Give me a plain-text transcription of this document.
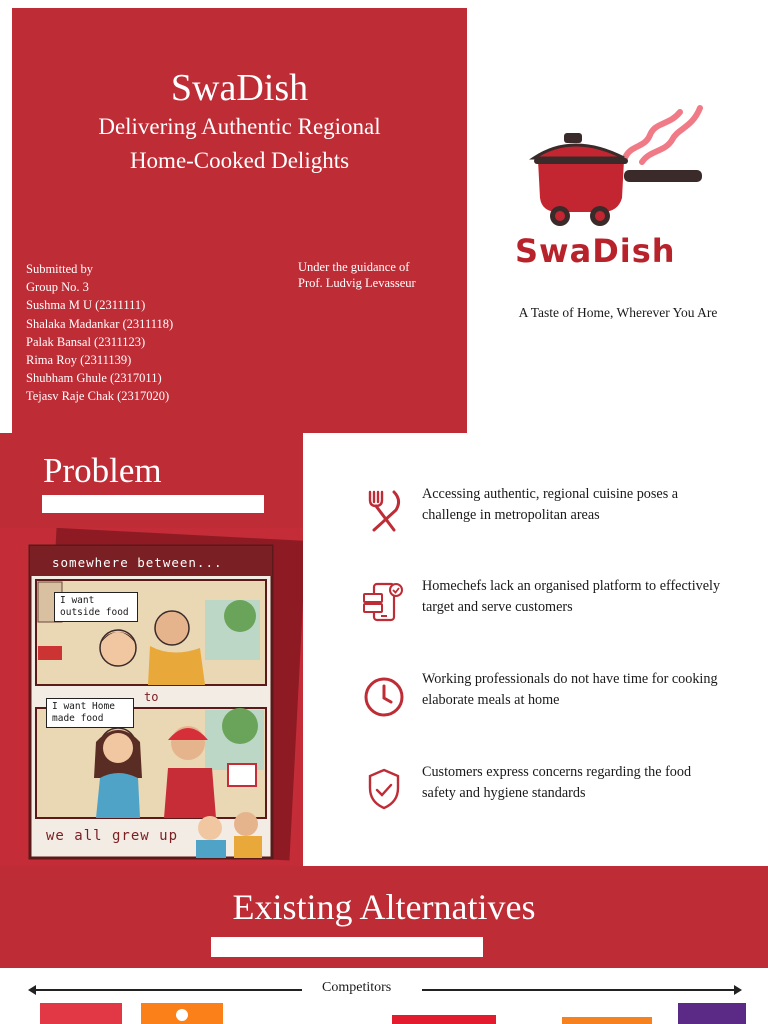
SwaDish
Delivering Authentic Regional
Home-Cooked Delights
Submitted by
Group No. 3
Sushma M U (2311111)
Shalaka Madankar (2311118)
Palak Bansal (2311123)
Rima Roy (2311139)
Shubham Ghule (2317011)
Tejasv Raje Chak (2317020)
Under the guidance of
Prof. Ludvig Levasseur
SwaDish
A Taste of Home, Wherever You Are
Problem
somewhere between...
I want outside food
to
I want Home made food
we all grew up
Accessing authentic, regional cuisine poses a challenge in metropolitan areas
Homechefs lack an organised platform to effectively target and serve customers
Working professionals do not have time for cooking elaborate meals at home
Customers express concerns regarding the food safety and hygiene standards
Existing Alternatives
Competitors
